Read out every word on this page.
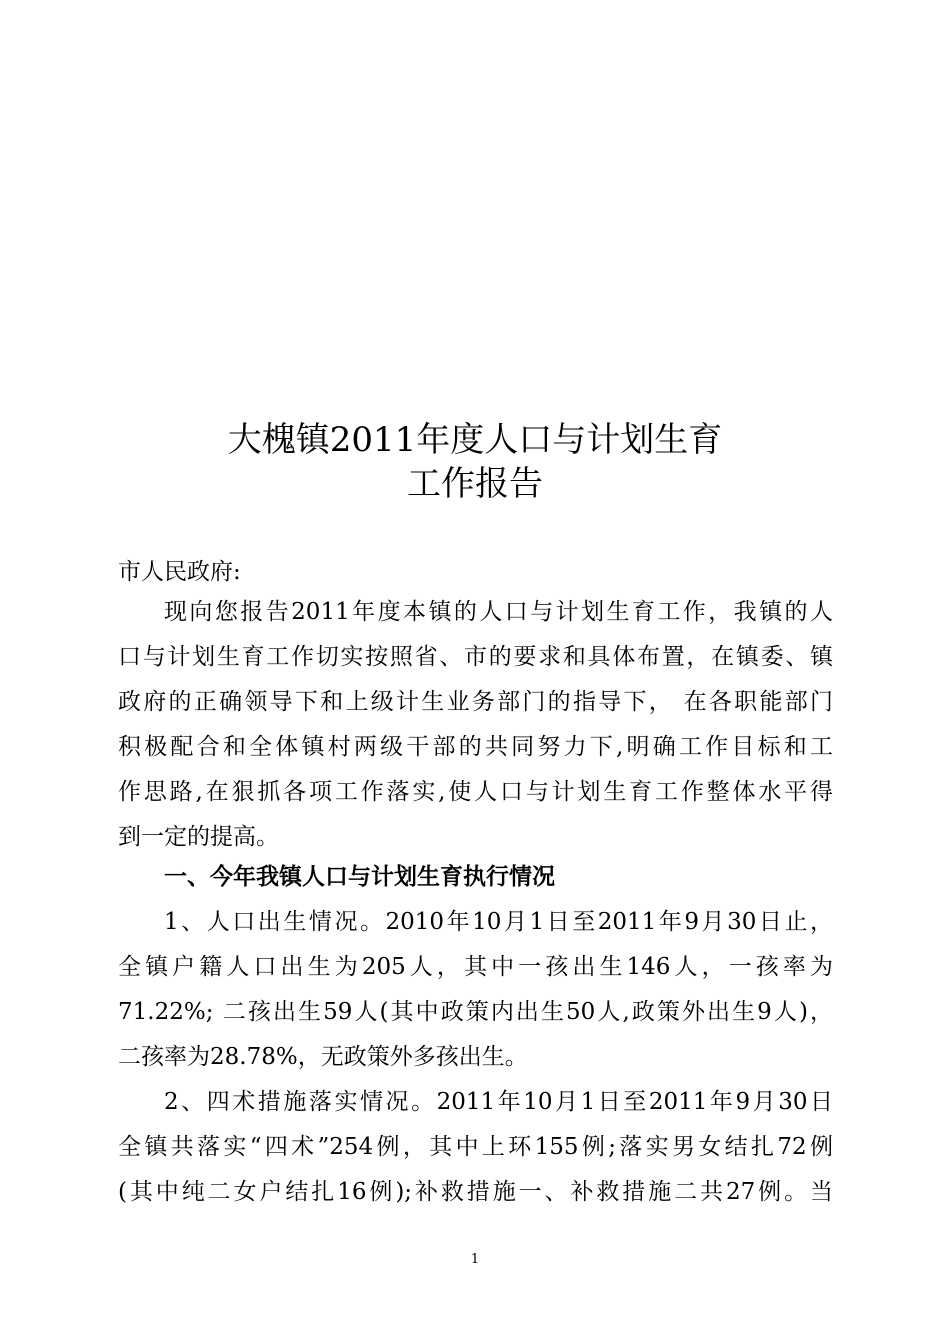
大槐镇2011年度人口与计划生育
工作报告
市人民政府:
现向您报告2011年度本镇的人口与计划生育工作，我镇的人
口与计划生育工作切实按照省、市的要求和具体布置，在镇委、镇
政府的正确领导下和上级计生业务部门的指导下， 在各职能部门
积极配合和全体镇村两级干部的共同努力下,明确工作目标和工
作思路,在狠抓各项工作落实,使人口与计划生育工作整体水平得
到一定的提高。
一、今年我镇人口与计划生育执行情况
1、人口出生情况。2010年10月1日至2011年9月30日止，
全镇户籍人口出生为205人，其中一孩出生146人，一孩率为
71.22%; 二孩出生59人(其中政策内出生50人,政策外出生9人)，
二孩率为28.78%，无政策外多孩出生。
2、四术措施落实情况。2011年10月1日至2011年9月30日
全镇共落实“四术”254例，其中上环155例;落实男女结扎72例
(其中纯二女户结扎16例);补救措施一、补救措施二共27例。当
1
